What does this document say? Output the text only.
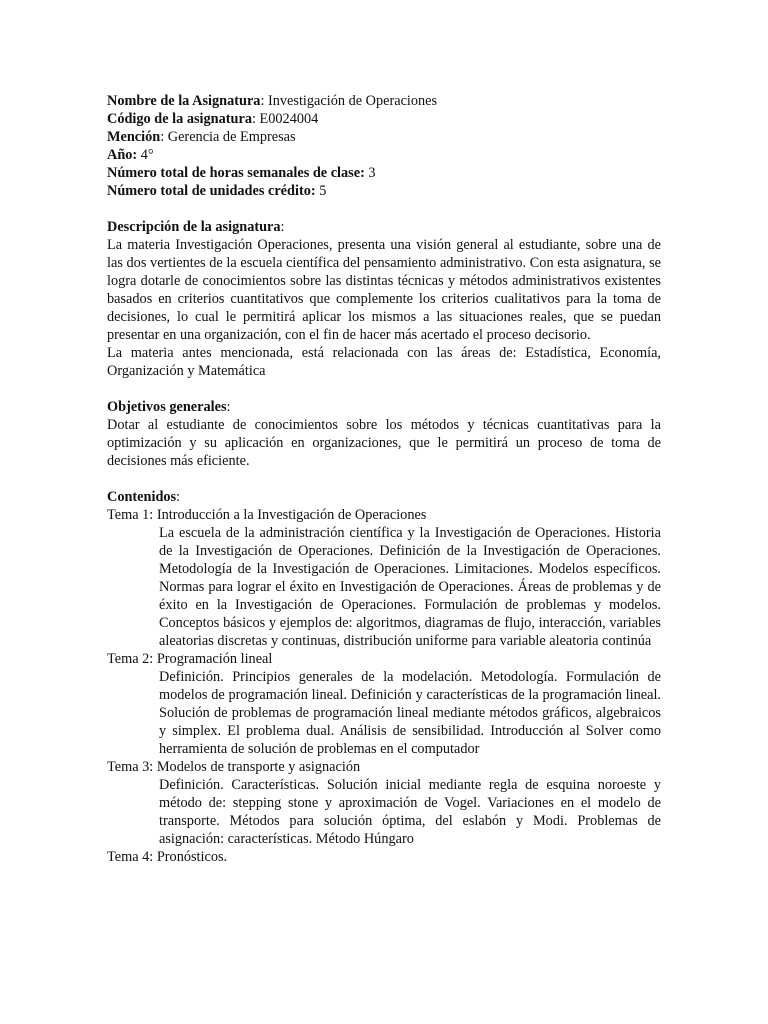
Nombre de la Asignatura: Investigación de Operaciones

Código de la asignatura: E0024004

Mención: Gerencia de Empresas

Año: 4°

Número total de horas semanales de clase: 3

Número total de unidades crédito: 5

Descripción de la asignatura:

La materia Investigación Operaciones, presenta una visión general al estudiante, sobre una de las dos vertientes de la escuela científica del pensamiento administrativo. Con esta asignatura, se logra dotarle de conocimientos sobre las distintas técnicas y métodos administrativos existentes basados en criterios cuantitativos que complemente los criterios cualitativos para la toma de decisiones, lo cual le permitirá aplicar los mismos a las situaciones reales, que se puedan presentar en una organización, con el fin de hacer más acertado el proceso decisorio.

La materia antes mencionada, está relacionada con las áreas de: Estadística, Economía, Organización y Matemática

Objetivos generales:

Dotar al estudiante de conocimientos sobre los métodos y técnicas cuantitativas para la optimización y su aplicación en organizaciones, que le permitirá un proceso de toma de decisiones más eficiente.

Contenidos:

Tema 1: Introducción a la Investigación de Operaciones

La escuela de la administración científica y la Investigación de Operaciones. Historia de la Investigación de Operaciones. Definición de la Investigación de Operaciones. Metodología de la Investigación de Operaciones. Limitaciones. Modelos específicos. Normas para lograr el éxito en Investigación de Operaciones. Áreas de problemas y de éxito en la Investigación de Operaciones. Formulación de problemas y modelos. Conceptos básicos y ejemplos de: algoritmos, diagramas de flujo, interacción, variables aleatorias discretas y continuas, distribución uniforme para variable aleatoria continúa

Tema 2: Programación lineal

Definición. Principios generales de la modelación. Metodología. Formulación de modelos de programación lineal. Definición y características de la programación lineal. Solución de problemas de programación lineal mediante métodos gráficos, algebraicos y simplex. El problema dual. Análisis de sensibilidad. Introducción al Solver como herramienta de solución de problemas en el computador

Tema 3: Modelos de transporte y asignación

Definición. Características. Solución inicial mediante regla de esquina noroeste y método de: stepping stone y aproximación de Vogel. Variaciones en el modelo de transporte. Métodos para solución óptima, del eslabón y Modi. Problemas de asignación: características. Método Húngaro

Tema 4: Pronósticos.
